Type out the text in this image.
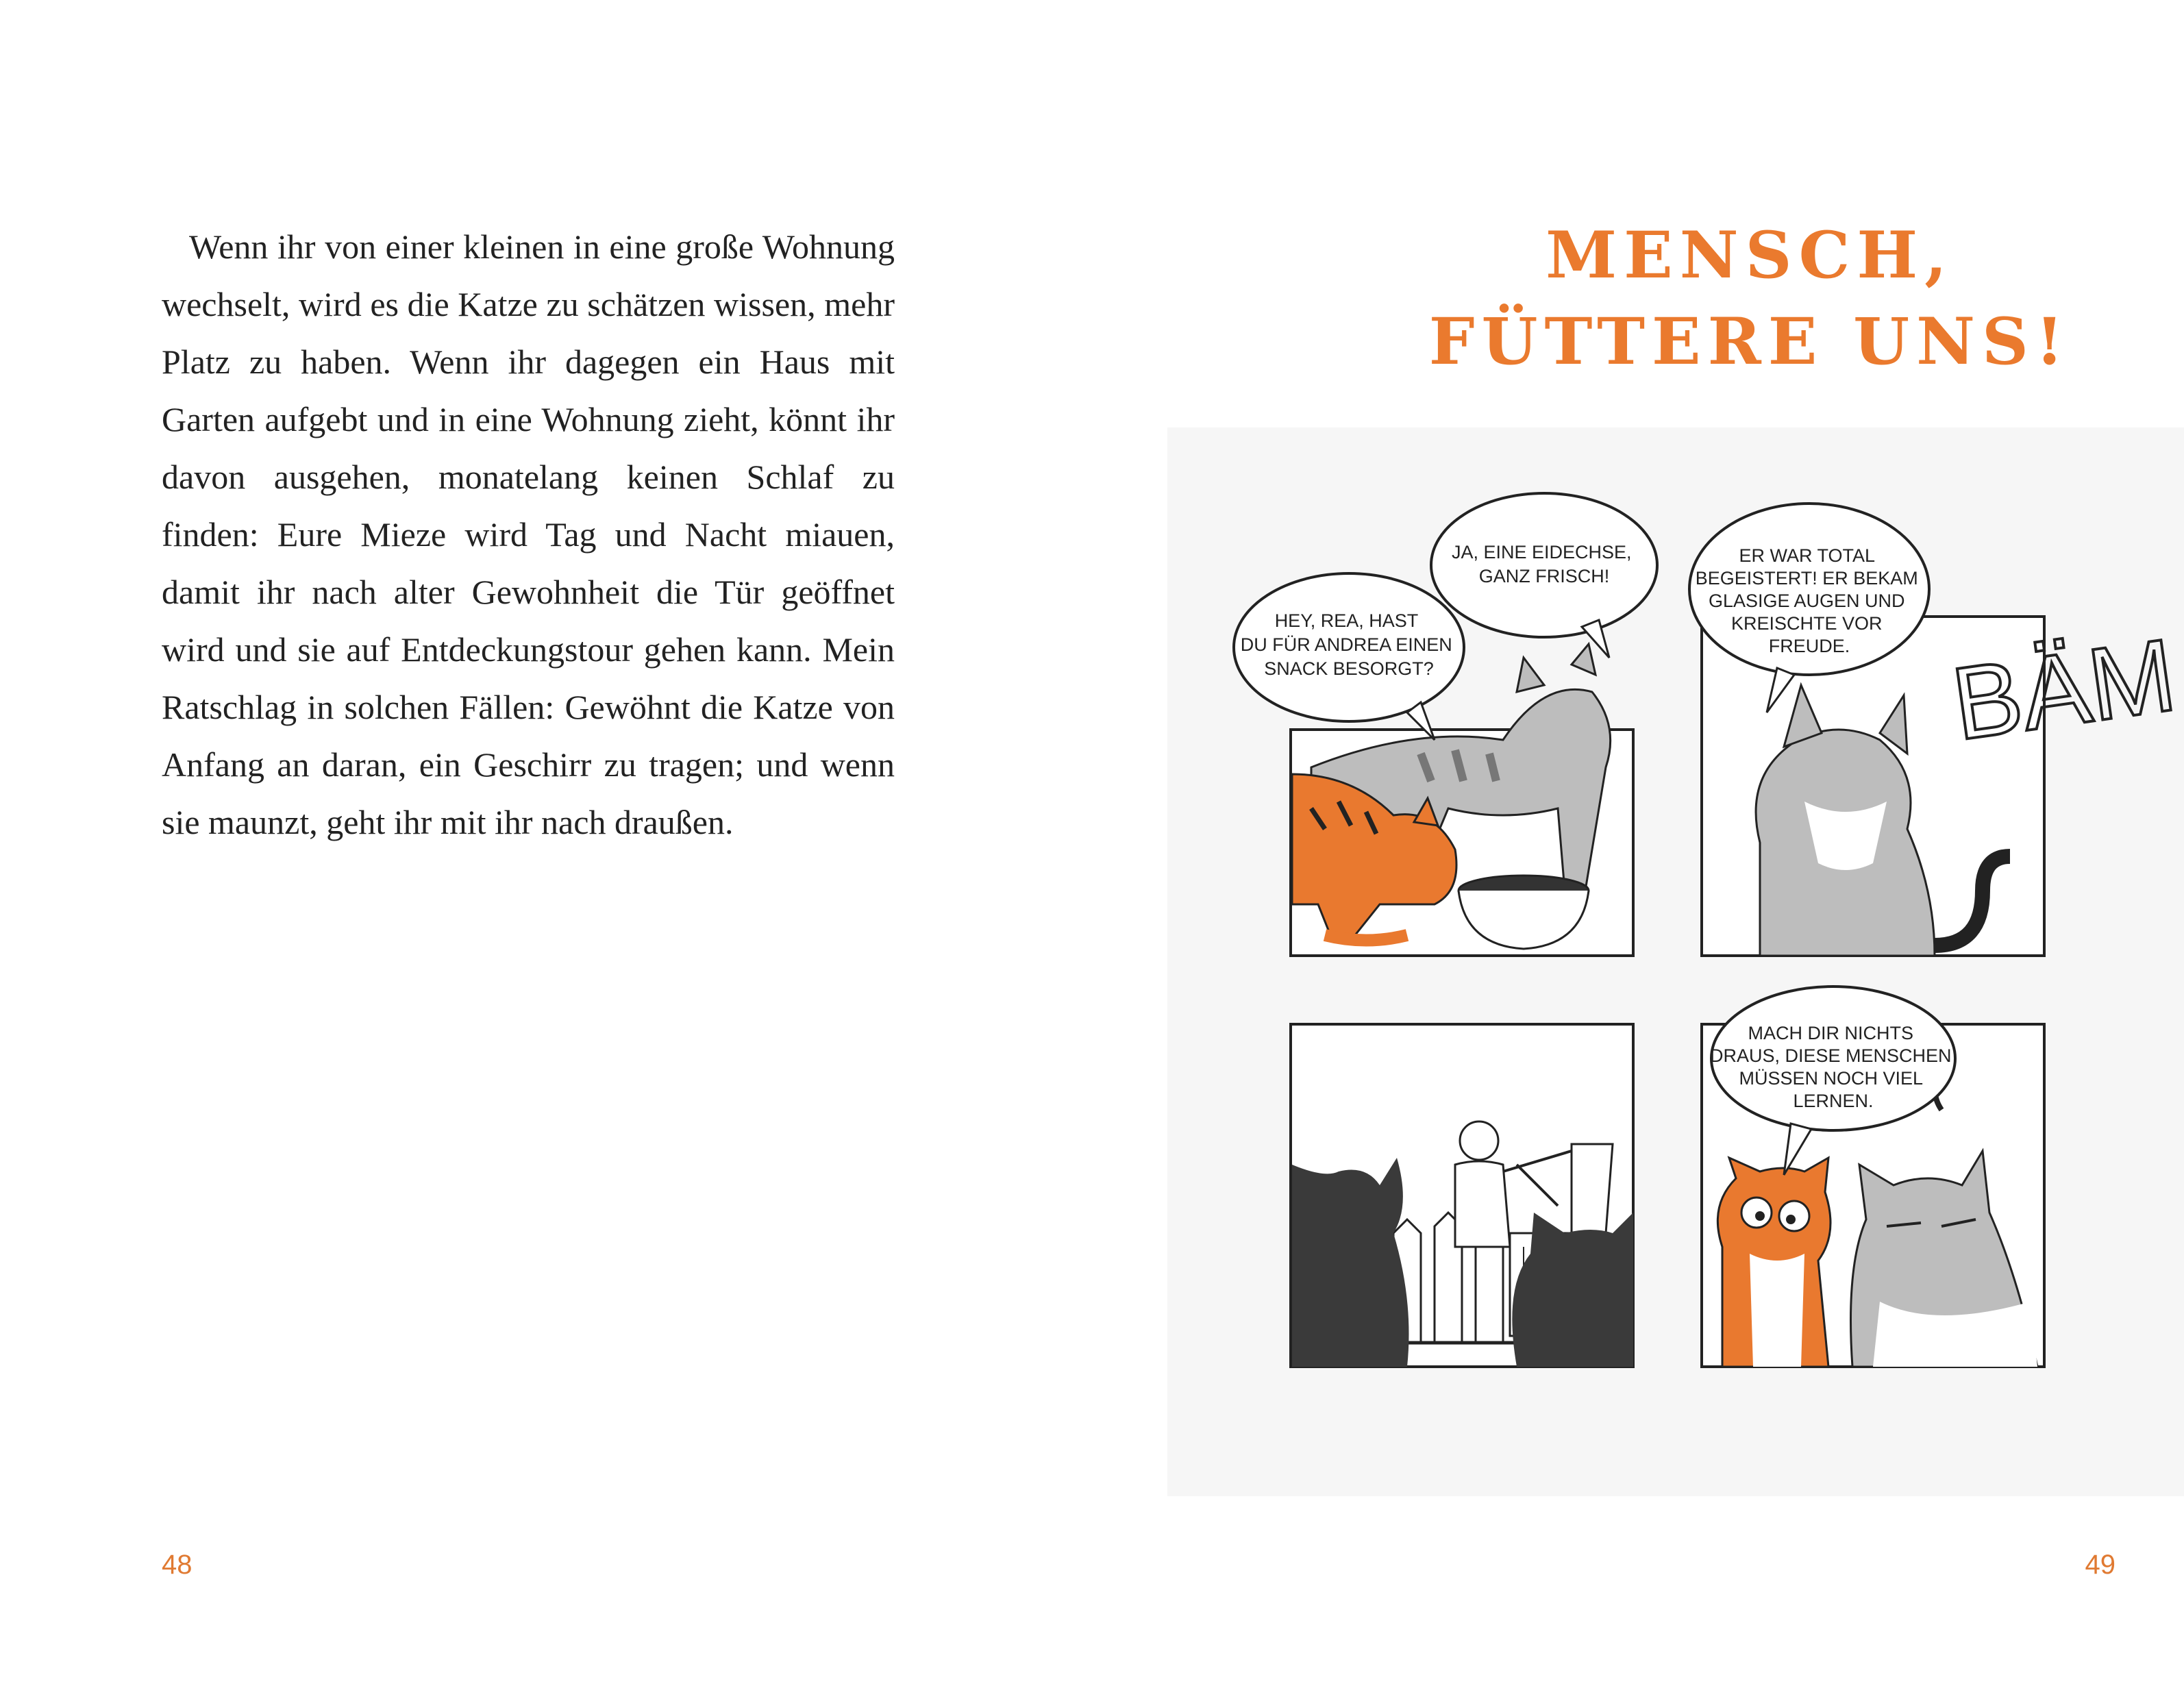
Wenn ihr von einer kleinen in eine große Wohnung wechselt, wird es die Katze zu schätzen wissen, mehr Platz zu haben. Wenn ihr dagegen ein Haus mit Garten aufgebt und in eine Wohnung zieht, könnt ihr davon ausgehen, monatelang keinen Schlaf zu finden: Eure Mieze wird Tag und Nacht miauen, damit ihr nach alter Gewohnheit die Tür geöffnet wird und sie auf Entdeckungstour gehen kann. Mein Ratschlag in solchen Fällen: Gewöhnt die Katze von Anfang an daran, ein Geschirr zu tragen; und wenn sie maunzt, geht ihr mit ihr nach draußen.
48
MENSCH,
FÜTTERE UNS!
HEY, REA, HAST DU FÜR ANDREA EINEN SNACK BESORGT?
JA, EINE EIDECHSE, GANZ FRISCH!
BÄM
ER WAR TOTAL BEGEISTERT! ER BEKAM GLASIGE AUGEN UND KREISCHTE VOR FREUDE.
MACH DIR NICHTS DRAUS, DIESE MENSCHEN MÜSSEN NOCH VIEL LERNEN.
49
